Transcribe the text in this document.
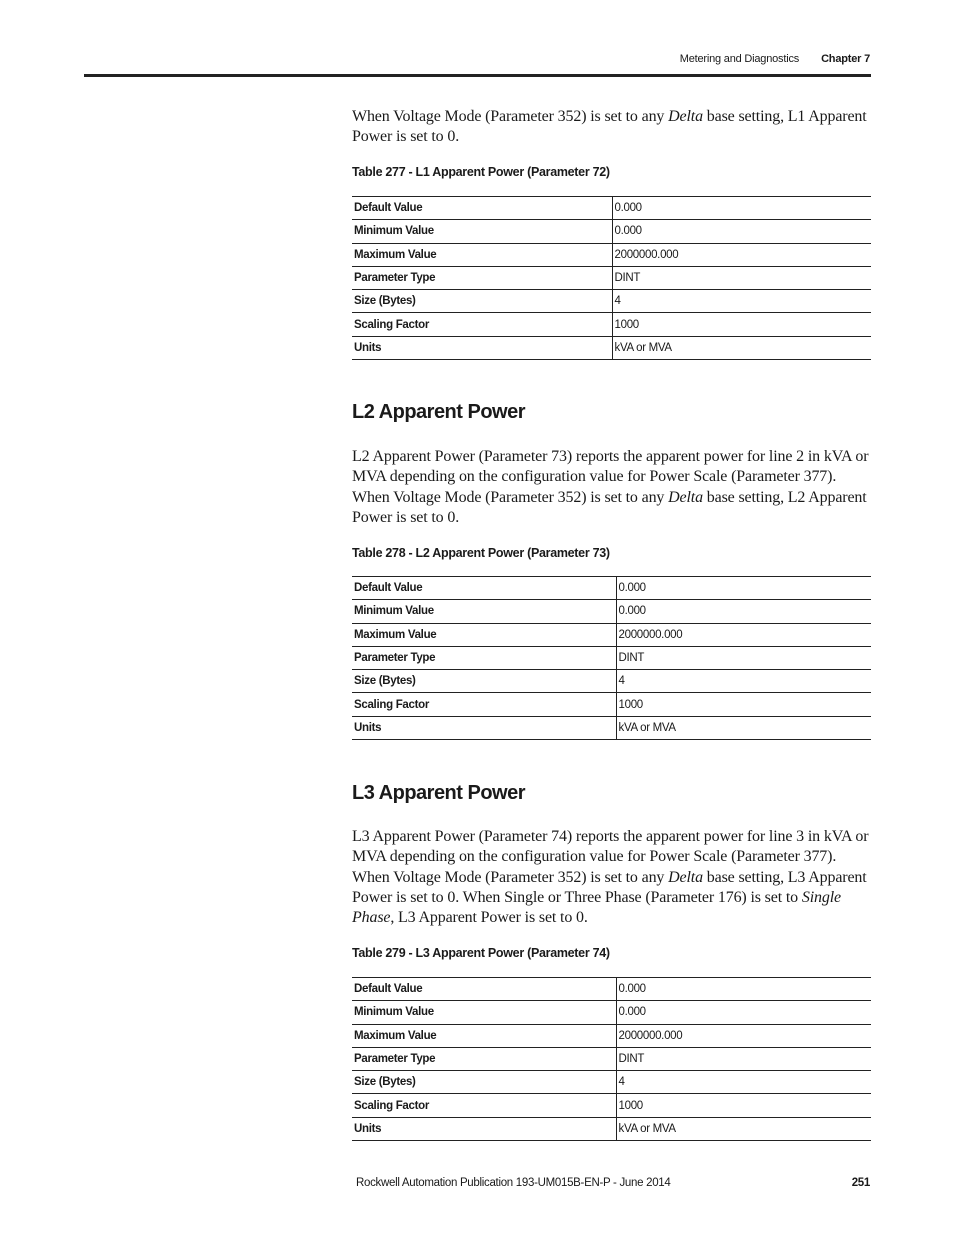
Metering and Diagnostics Chapter 7

When Voltage Mode (Parameter 352) is set to any Delta base setting, L1 Apparent Power is set to 0.

Table 277 - L1 Apparent Power (Parameter 72)

Default Value	0.000
Minimum Value	0.000
Maximum Value	2000000.000
Parameter Type	DINT
Size (Bytes)	4
Scaling Factor	1000
Units	kVA or MVA
L2 Apparent Power

L2 Apparent Power (Parameter 73) reports the apparent power for line 2 in kVA or MVA depending on the configuration value for Power Scale (Parameter 377). When Voltage Mode (Parameter 352) is set to any Delta base setting, L2 Apparent Power is set to 0.

Table 278 - L2 Apparent Power (Parameter 73)

Default Value	0.000
Minimum Value	0.000
Maximum Value	2000000.000
Parameter Type	DINT
Size (Bytes)	4
Scaling Factor	1000
Units	kVA or MVA
L3 Apparent Power

L3 Apparent Power (Parameter 74) reports the apparent power for line 3 in kVA or MVA depending on the configuration value for Power Scale (Parameter 377). When Voltage Mode (Parameter 352) is set to any Delta base setting, L3 Apparent Power is set to 0. When Single or Three Phase (Parameter 176) is set to Single Phase, L3 Apparent Power is set to 0.

Table 279 - L3 Apparent Power (Parameter 74)

Default Value	0.000
Minimum Value	0.000
Maximum Value	2000000.000
Parameter Type	DINT
Size (Bytes)	4
Scaling Factor	1000
Units	kVA or MVA
Rockwell Automation Publication 193-UM015B-EN-P - June 2014	251
